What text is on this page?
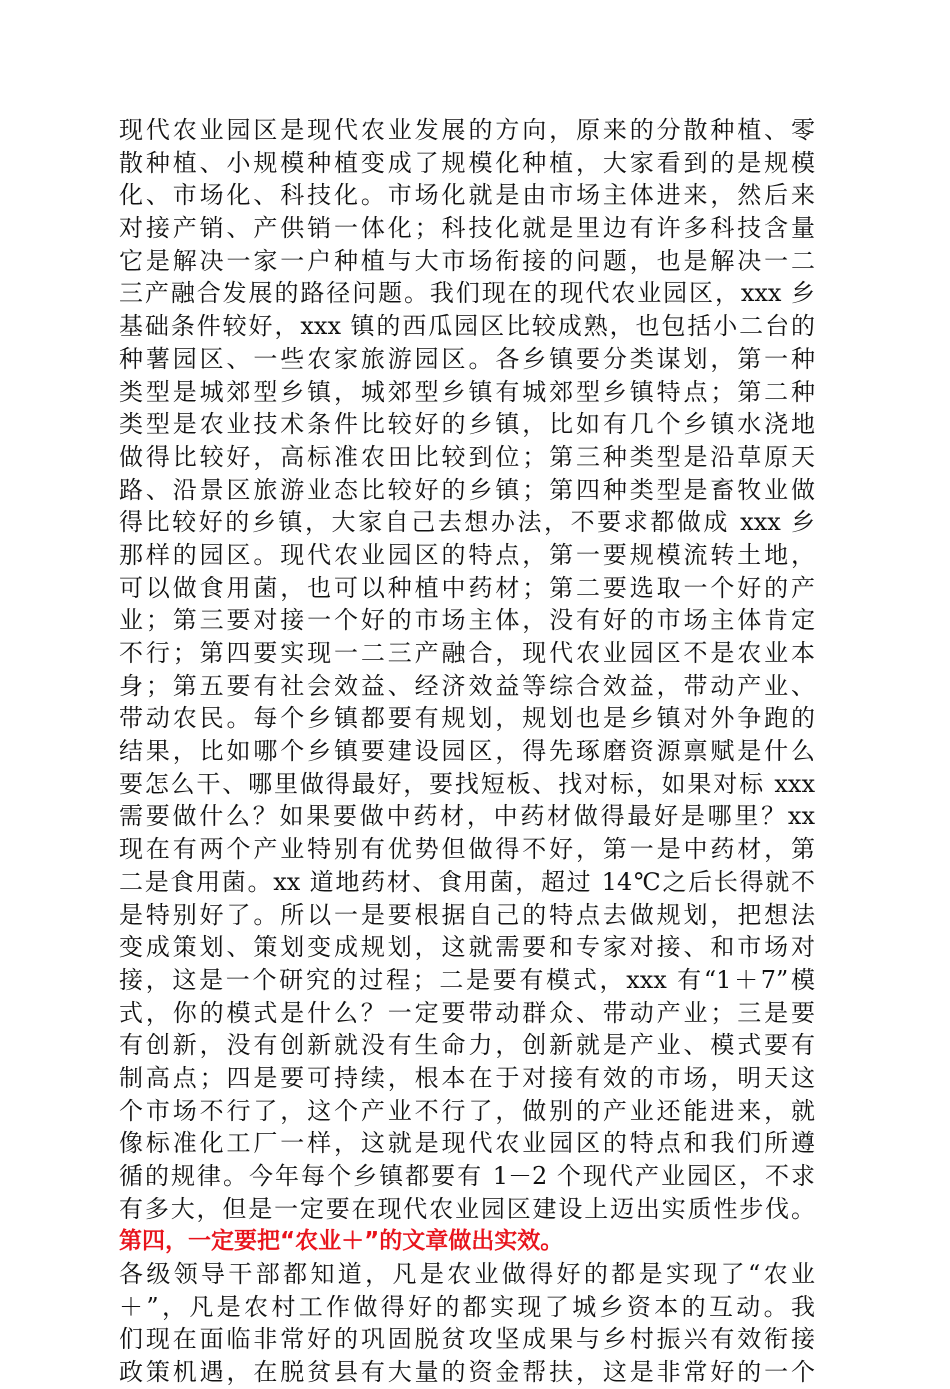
现代农业园区是现代农业发展的方向，原来的分散种植、零
散种植、小规模种植变成了规模化种植，大家看到的是规模
化、市场化、科技化。市场化就是由市场主体进来，然后来
对接产销、产供销一体化；科技化就是里边有许多科技含量
它是解决一家一户种植与大市场衔接的问题，也是解决一二
三产融合发展的路径问题。我们现在的现代农业园区，xxx 乡
基础条件较好，xxx 镇的西瓜园区比较成熟，也包括小二台的
种薯园区、一些农家旅游园区。各乡镇要分类谋划，第一种
类型是城郊型乡镇，城郊型乡镇有城郊型乡镇特点；第二种
类型是农业技术条件比较好的乡镇，比如有几个乡镇水浇地
做得比较好，高标准农田比较到位；第三种类型是沿草原天
路、沿景区旅游业态比较好的乡镇；第四种类型是畜牧业做
得比较好的乡镇，大家自己去想办法，不要求都做成 xxx 乡
那样的园区。现代农业园区的特点，第一要规模流转土地，
可以做食用菌，也可以种植中药材；第二要选取一个好的产
业；第三要对接一个好的市场主体，没有好的市场主体肯定
不行；第四要实现一二三产融合，现代农业园区不是农业本
身；第五要有社会效益、经济效益等综合效益，带动产业、
带动农民。每个乡镇都要有规划，规划也是乡镇对外争跑的
结果，比如哪个乡镇要建设园区，得先琢磨资源禀赋是什么
要怎么干、哪里做得最好，要找短板、找对标，如果对标 xxx
需要做什么？如果要做中药材，中药材做得最好是哪里？xx
现在有两个产业特别有优势但做得不好，第一是中药材，第
二是食用菌。xx 道地药材、食用菌，超过 14℃之后长得就不
是特别好了。所以一是要根据自己的特点去做规划，把想法
变成策划、策划变成规划，这就需要和专家对接、和市场对
接，这是一个研究的过程；二是要有模式，xxx 有“1＋7”模
式，你的模式是什么？一定要带动群众、带动产业；三是要
有创新，没有创新就没有生命力，创新就是产业、模式要有
制高点；四是要可持续，根本在于对接有效的市场，明天这
个市场不行了，这个产业不行了，做别的产业还能进来，就
像标准化工厂一样，这就是现代农业园区的特点和我们所遵
循的规律。今年每个乡镇都要有 1－2 个现代产业园区，不求
有多大，但是一定要在现代农业园区建设上迈出实质性步伐。
第四，一定要把“农业＋”的文章做出实效。
各级领导干部都知道，凡是农业做得好的都是实现了“农业
＋”，凡是农村工作做得好的都实现了城乡资本的互动。我
们现在面临非常好的巩固脱贫攻坚成果与乡村振兴有效衔接
政策机遇，在脱贫县有大量的资金帮扶，这是非常好的一个
